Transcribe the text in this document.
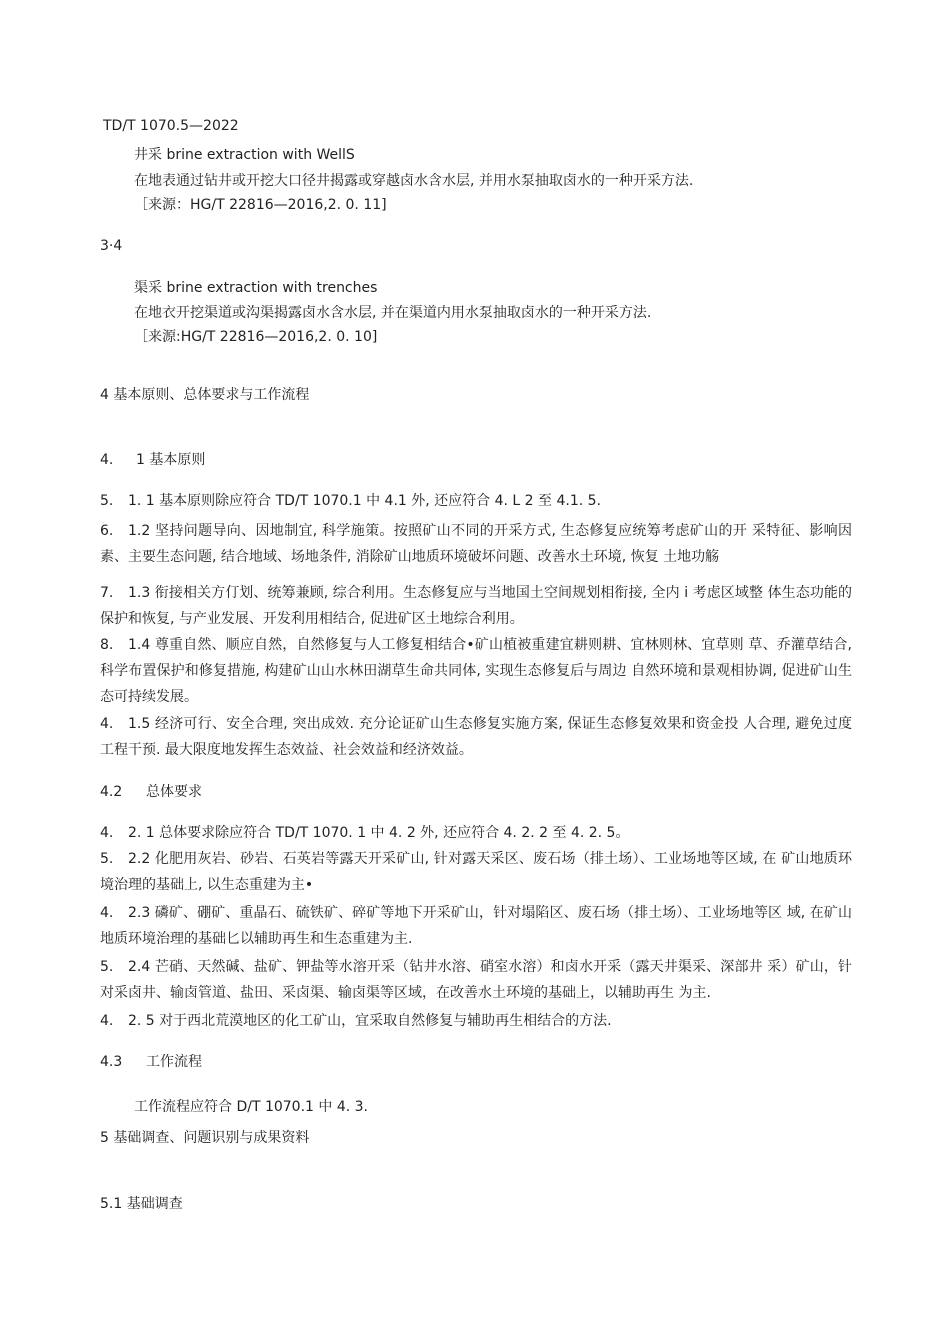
TD/T 1070.5—2022

井采 brine extraction with WellS

在地表通过钻井或开挖大口径井揭露或穿越卤水含水层, 并用水泵抽取卤水的一种开采方法.

［来源：HG/T 22816—2016,2. 0. 11]

3·4

渠采 brine extraction with trenches

在地衣开挖渠道或沟渠揭露卤水含水层, 并在渠道内用水泵抽取卤水的一种开采方法.

［来源:HG/T 22816—2016,2. 0. 10]

4 基本原则、总体要求与工作流程

4. 1 基本原则

5. 1. 1 基本原则除应符合 TD/T 1070.1 中 4.1 外, 还应符合 4. L 2 至 4.1. 5.

6. 1.2 坚持问题导向、因地制宜, 科学施策。按照矿山不同的开采方式, 生态修复应统筹考虑矿山的开 采特征、影响因素、主要生态问题, 结合地域、场地条件, 消除矿山地质环境破坏问题、改善水土环境, 恢复 土地功觞

7. 1.3 衔接相关方仃划、统筹兼顾, 综合利用。生态修复应与当地国土空间规划相衔接, 全内 i 考虑区域整 体生态功能的保护和恢复, 与产业发展、开发利用相结合, 促进矿区土地综合利用。

8. 1.4 尊重自然、顺应自然，自然修复与人工修复相结合•矿山植被重建宜耕则耕、宜林则林、宜草则 草、乔灌草结合, 科学布置保护和修复措施, 构建矿山山水林田湖草生命共同体, 实现生态修复后与周边 自然环境和景观相协调, 促进矿山生态可持续发展。

4. 1.5 经济可行、安全合理, 突出成效. 充分论证矿山生态修复实施方案, 保证生态修复效果和资金投 人合理, 避免过度工程干预. 最大限度地发挥生态效益、社会效益和经济效益。

4.2 总体要求

4. 2. 1 总体要求除应符合 TD/T 1070. 1 中 4. 2 外, 还应符合 4. 2. 2 至 4. 2. 5。

5. 2.2 化肥用灰岩、砂岩、石英岩等露天开采矿山, 针对露天采区、废石场（排土场）、工业场地等区域, 在 矿山地质环境治理的基础上, 以生态重建为主•

4. 2.3 磷矿、硼矿、重晶石、硫铁矿、碎矿等地下开采矿山，针对塌陷区、废石场（排土场）、工业场地等区 域, 在矿山地质环境治理的基础匕以辅助再生和生态重建为主.

5. 2.4 芒硝、天然碱、盐矿、钾盐等水溶开采（钻井水溶、硝室水溶）和卤水开采（露天井渠采、深部井 采）矿山，针对采卤井、输卤管道、盐田、采卤渠、输卤渠等区域，在改善水土环境的基础上，以辅助再生 为主.

4. 2. 5 对于西北荒漠地区的化工矿山，宜采取自然修复与辅助再生相结合的方法.

4.3 工作流程

工作流程应符合 D/T 1070.1 中 4. 3.

5 基础调查、问题识别与成果资料

5.1 基础调查
